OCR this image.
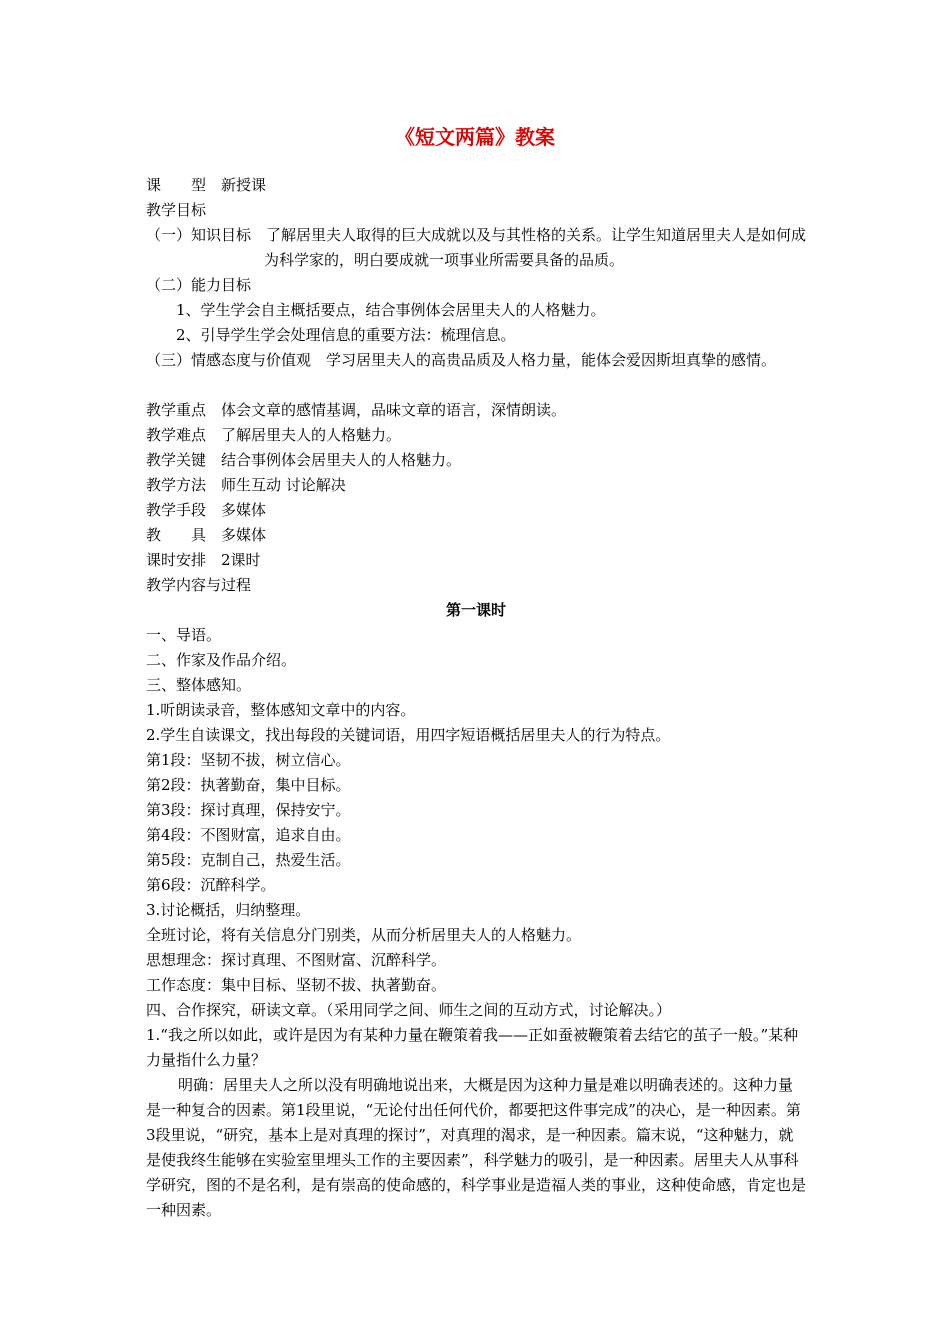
《短文两篇》教案
课　　型　新授课
教学目标
（一）知识目标　了解居里夫人取得的巨大成就以及与其性格的关系。让学生知道居里夫人是如何成为科学家的，明白要成就一项事业所需要具备的品质。
（二）能力目标
1、学生学会自主概括要点，结合事例体会居里夫人的人格魅力。
2、引导学生学会处理信息的重要方法：梳理信息。
（三）情感态度与价值观　学习居里夫人的高贵品质及人格力量，能体会爱因斯坦真挚的感情。
教学重点　体会文章的感情基调，品味文章的语言，深情朗读。
教学难点　了解居里夫人的人格魅力。
教学关键　结合事例体会居里夫人的人格魅力。
教学方法　师生互动 讨论解决
教学手段　多媒体
教　　具　多媒体
课时安排　2课时
教学内容与过程
第一课时
一、导语。
二、作家及作品介绍。
三、整体感知。
1.听朗读录音，整体感知文章中的内容。
2.学生自读课文，找出每段的关键词语，用四字短语概括居里夫人的行为特点。
第1段：坚韧不拔，树立信心。
第2段：执著勤奋，集中目标。
第3段：探讨真理，保持安宁。
第4段：不图财富，追求自由。
第5段：克制自己，热爱生活。
第6段：沉醉科学。
3.讨论概括，归纳整理。
全班讨论，将有关信息分门别类，从而分析居里夫人的人格魅力。
思想理念：探讨真理、不图财富、沉醉科学。
工作态度：集中目标、坚韧不拔、执著勤奋。
四、合作探究，研读文章。（采用同学之间、师生之间的互动方式，讨论解决。）
1.“我之所以如此，或许是因为有某种力量在鞭策着我——正如蚕被鞭策着去结它的茧子一般。”某种力量指什么力量？
明确：居里夫人之所以没有明确地说出来，大概是因为这种力量是难以明确表述的。这种力量是一种复合的因素。第1段里说，“无论付出任何代价，都要把这件事完成”的决心，是一种因素。第3段里说，“研究，基本上是对真理的探讨”，对真理的渴求，是一种因素。篇末说，“这种魅力，就是使我终生能够在实验室里埋头工作的主要因素”，科学魅力的吸引，是一种因素。居里夫人从事科学研究，图的不是名利，是有崇高的使命感的，科学事业是造福人类的事业，这种使命感，肯定也是一种因素。
